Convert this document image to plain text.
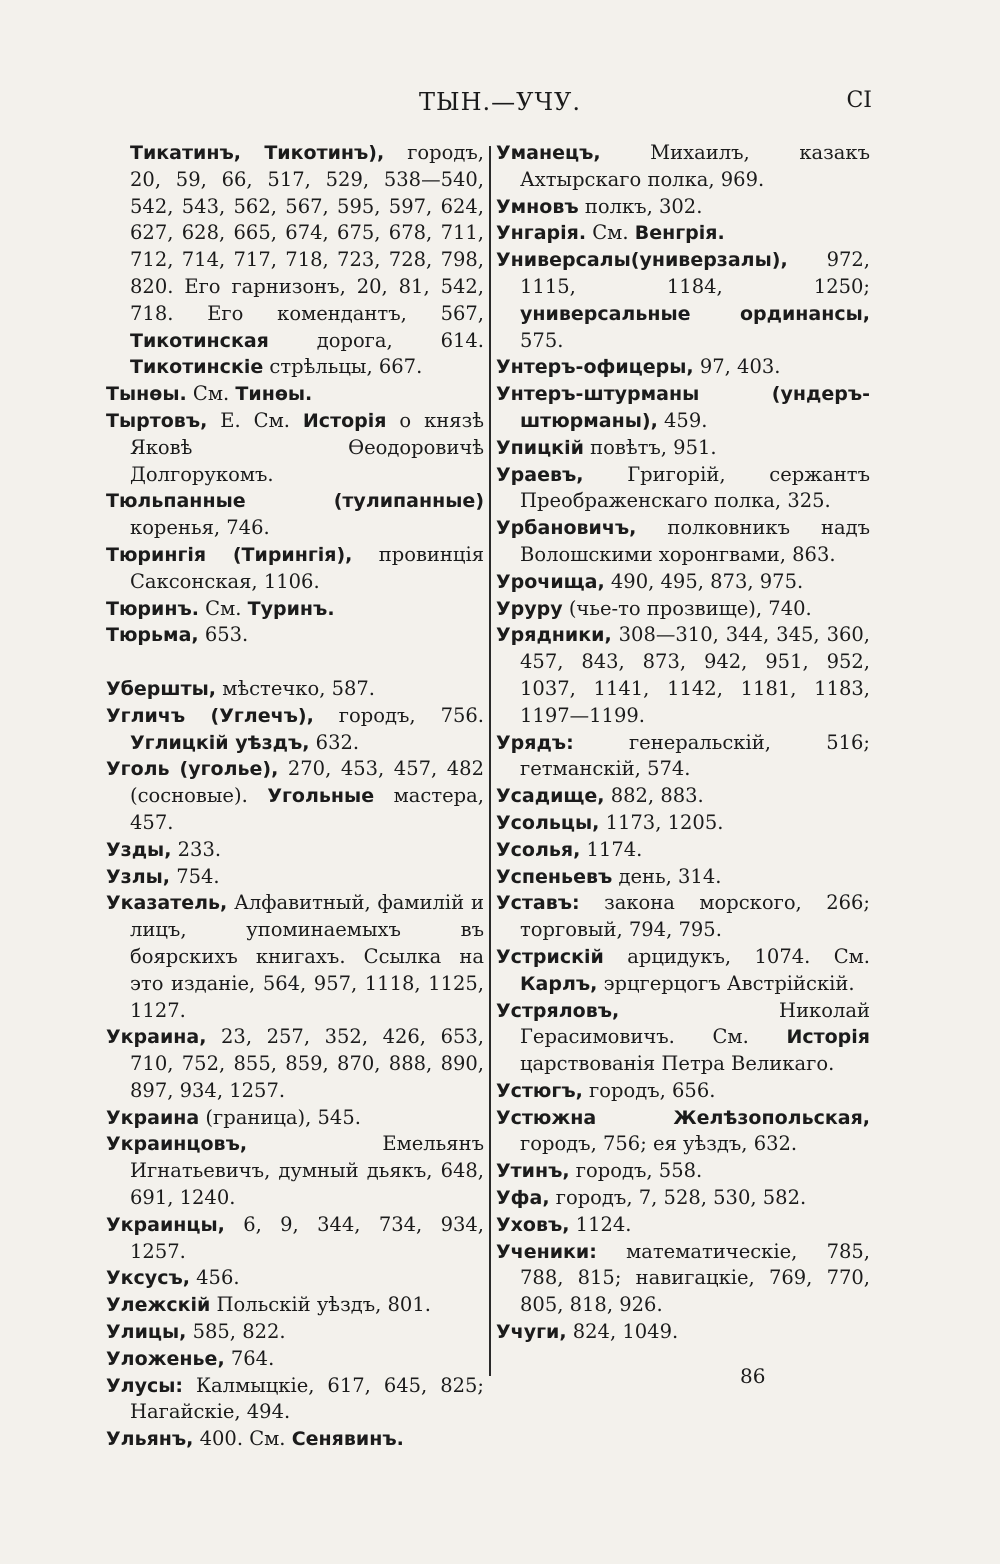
ТЫН.—УЧУ.	CI

Тикатинъ, Тикотинъ), городъ, 20, 59, 66, 517, 529, 538—540, 542, 543, 562, 567, 595, 597, 624, 627, 628, 665, 674, 675, 678, 711, 712, 714, 717, 718, 723, 728, 798, 820. Его гарнизонъ, 20, 81, 542, 718. Его комендантъ, 567, Тикотинская дорога, 614. Тикотинскіе стрѣльцы, 667.

Тынѳы. См. Тинѳы.

Тыртовъ, Е. См. Исторія о князѣ Яковѣ Ѳеодоровичѣ Долгорукомъ.

Тюльпанные (тулипанные) коренья, 746.

Тюрингія (Тирингія), провинція Саксонская, 1106.

Тюринъ. См. Туринъ.

Тюрьма, 653.

Убершты, мѣстечко, 587.

Угличъ (Углечъ), городъ, 756. Углицкій уѣздъ, 632.

Уголь (уголье), 270, 453, 457, 482 (сосновые). Угольные мастера, 457.

Узды, 233.

Узлы, 754.

Указатель, Алфавитный, фамилій и лицъ, упоминаемыхъ въ боярскихъ книгахъ. Ссылка на это изданіе, 564, 957, 1118, 1125, 1127.

Украина, 23, 257, 352, 426, 653, 710, 752, 855, 859, 870, 888, 890, 897, 934, 1257.

Украина (граница), 545.

Украинцовъ, Емельянъ Игнатьевичъ, думный дьякъ, 648, 691, 1240.

Украинцы, 6, 9, 344, 734, 934, 1257.

Уксусъ, 456.

Улежскій Польскій уѣздъ, 801.

Улицы, 585, 822.

Уложенье, 764.

Улусы: Калмыцкіе, 617, 645, 825; Нагайскіе, 494.

Ульянъ, 400. См. Сенявинъ.

Уманецъ, Михаилъ, казакъ Ахтырскаго полка, 969.

Умновъ полкъ, 302.

Унгарія. См. Венгрія.

Универсалы(универзалы), 972, 1115, 1184, 1250; универсальные ординансы, 575.

Унтеръ-офицеры, 97, 403.

Унтеръ-штурманы (ундеръ-штюрманы), 459.

Упицкій повѣтъ, 951.

Ураевъ, Григорій, сержантъ Преображенскаго полка, 325.

Урбановичъ, полковникъ надъ Волошскими хоронгвами, 863.

Урочища, 490, 495, 873, 975.

Уруру (чье-то прозвище), 740.

Урядники, 308—310, 344, 345, 360, 457, 843, 873, 942, 951, 952, 1037, 1141, 1142, 1181, 1183, 1197—1199.

Урядъ: генеральскій, 516; гетманскій, 574.

Усадище, 882, 883.

Усольцы, 1173, 1205.

Усолья, 1174.

Успеньевъ день, 314.

Уставъ: закона морского, 266; торговый, 794, 795.

Устрискій арцидукъ, 1074. См. Карлъ, эрцгерцогъ Австрійскій.

Устряловъ, Николай Герасимовичъ. См. Исторія царствованія Петра Великаго.

Устюгъ, городъ, 656.

Устюжна Желѣзопольская, городъ, 756; ея уѣздъ, 632.

Утинъ, городъ, 558.

Уфа, городъ, 7, 528, 530, 582.

Уховъ, 1124.

Ученики: математическіе, 785, 788, 815; навигацкіе, 769, 770, 805, 818, 926.

Учуги, 824, 1049.

86
